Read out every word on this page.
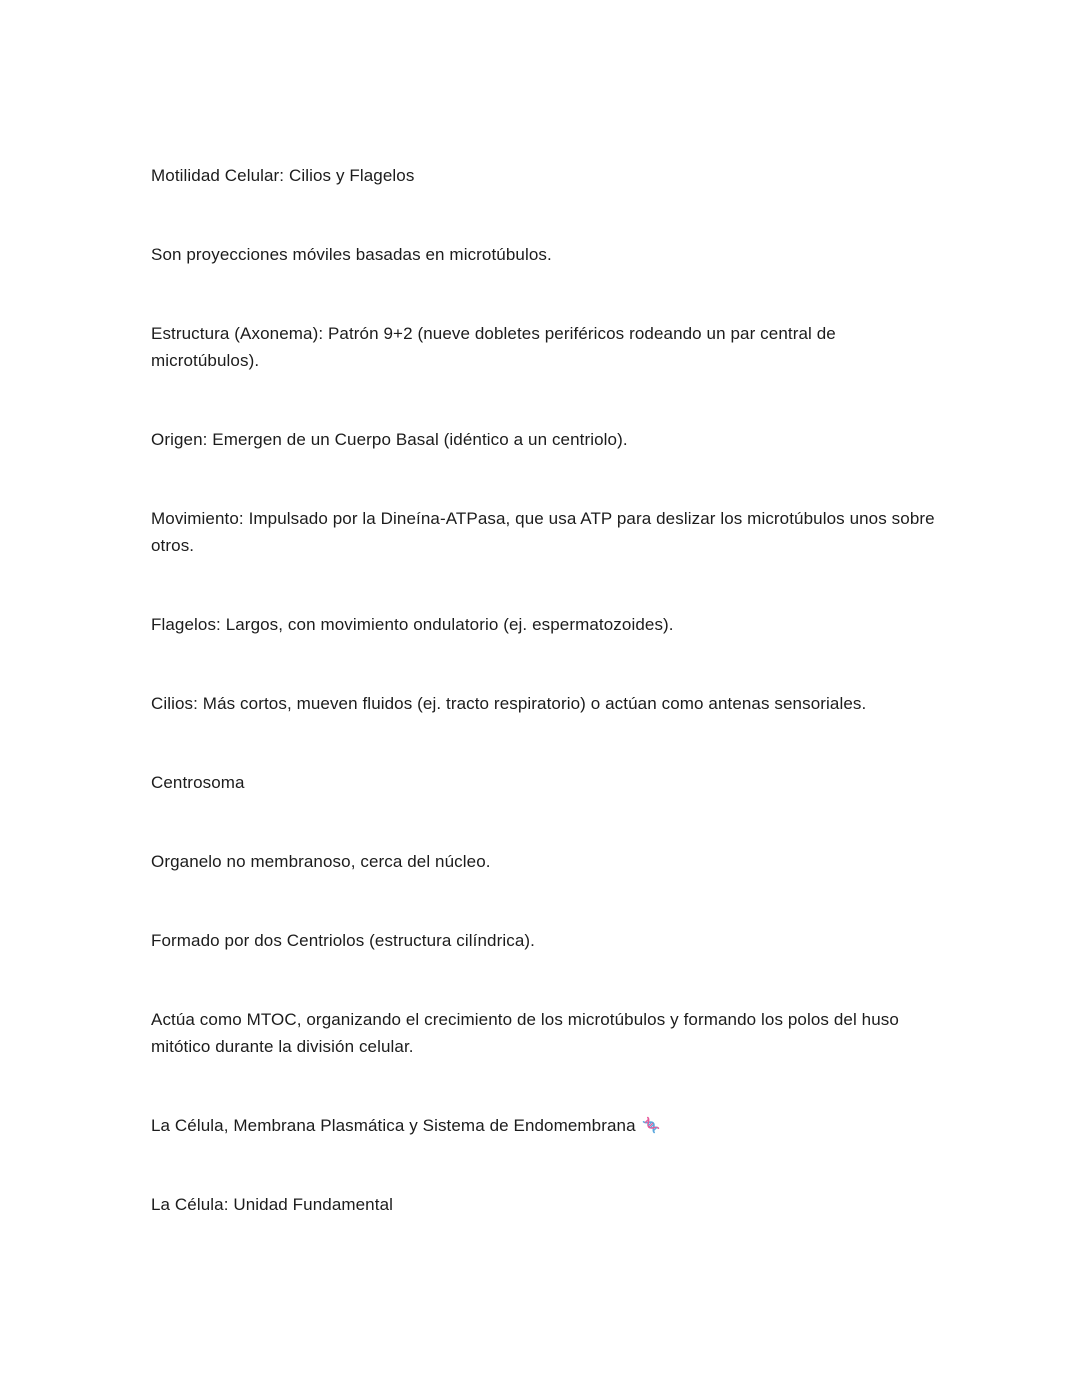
Motilidad Celular: Cilios y Flagelos

Son proyecciones móviles basadas en microtúbulos.

Estructura (Axonema): Patrón 9+2 (nueve dobletes periféricos rodeando un par central de microtúbulos).

Origen: Emergen de un Cuerpo Basal (idéntico a un centriolo).

Movimiento: Impulsado por la Dineína-ATPasa, que usa ATP para deslizar los microtúbulos unos sobre otros.

Flagelos: Largos, con movimiento ondulatorio (ej. espermatozoides).

Cilios: Más cortos, mueven fluidos (ej. tracto respiratorio) o actúan como antenas sensoriales.

Centrosoma

Organelo no membranoso, cerca del núcleo.

Formado por dos Centriolos (estructura cilíndrica).

Actúa como MTOC, organizando el crecimiento de los microtúbulos y formando los polos del huso mitótico durante la división celular.

La Célula, Membrana Plasmática y Sistema de Endomembrana

La Célula: Unidad Fundamental
